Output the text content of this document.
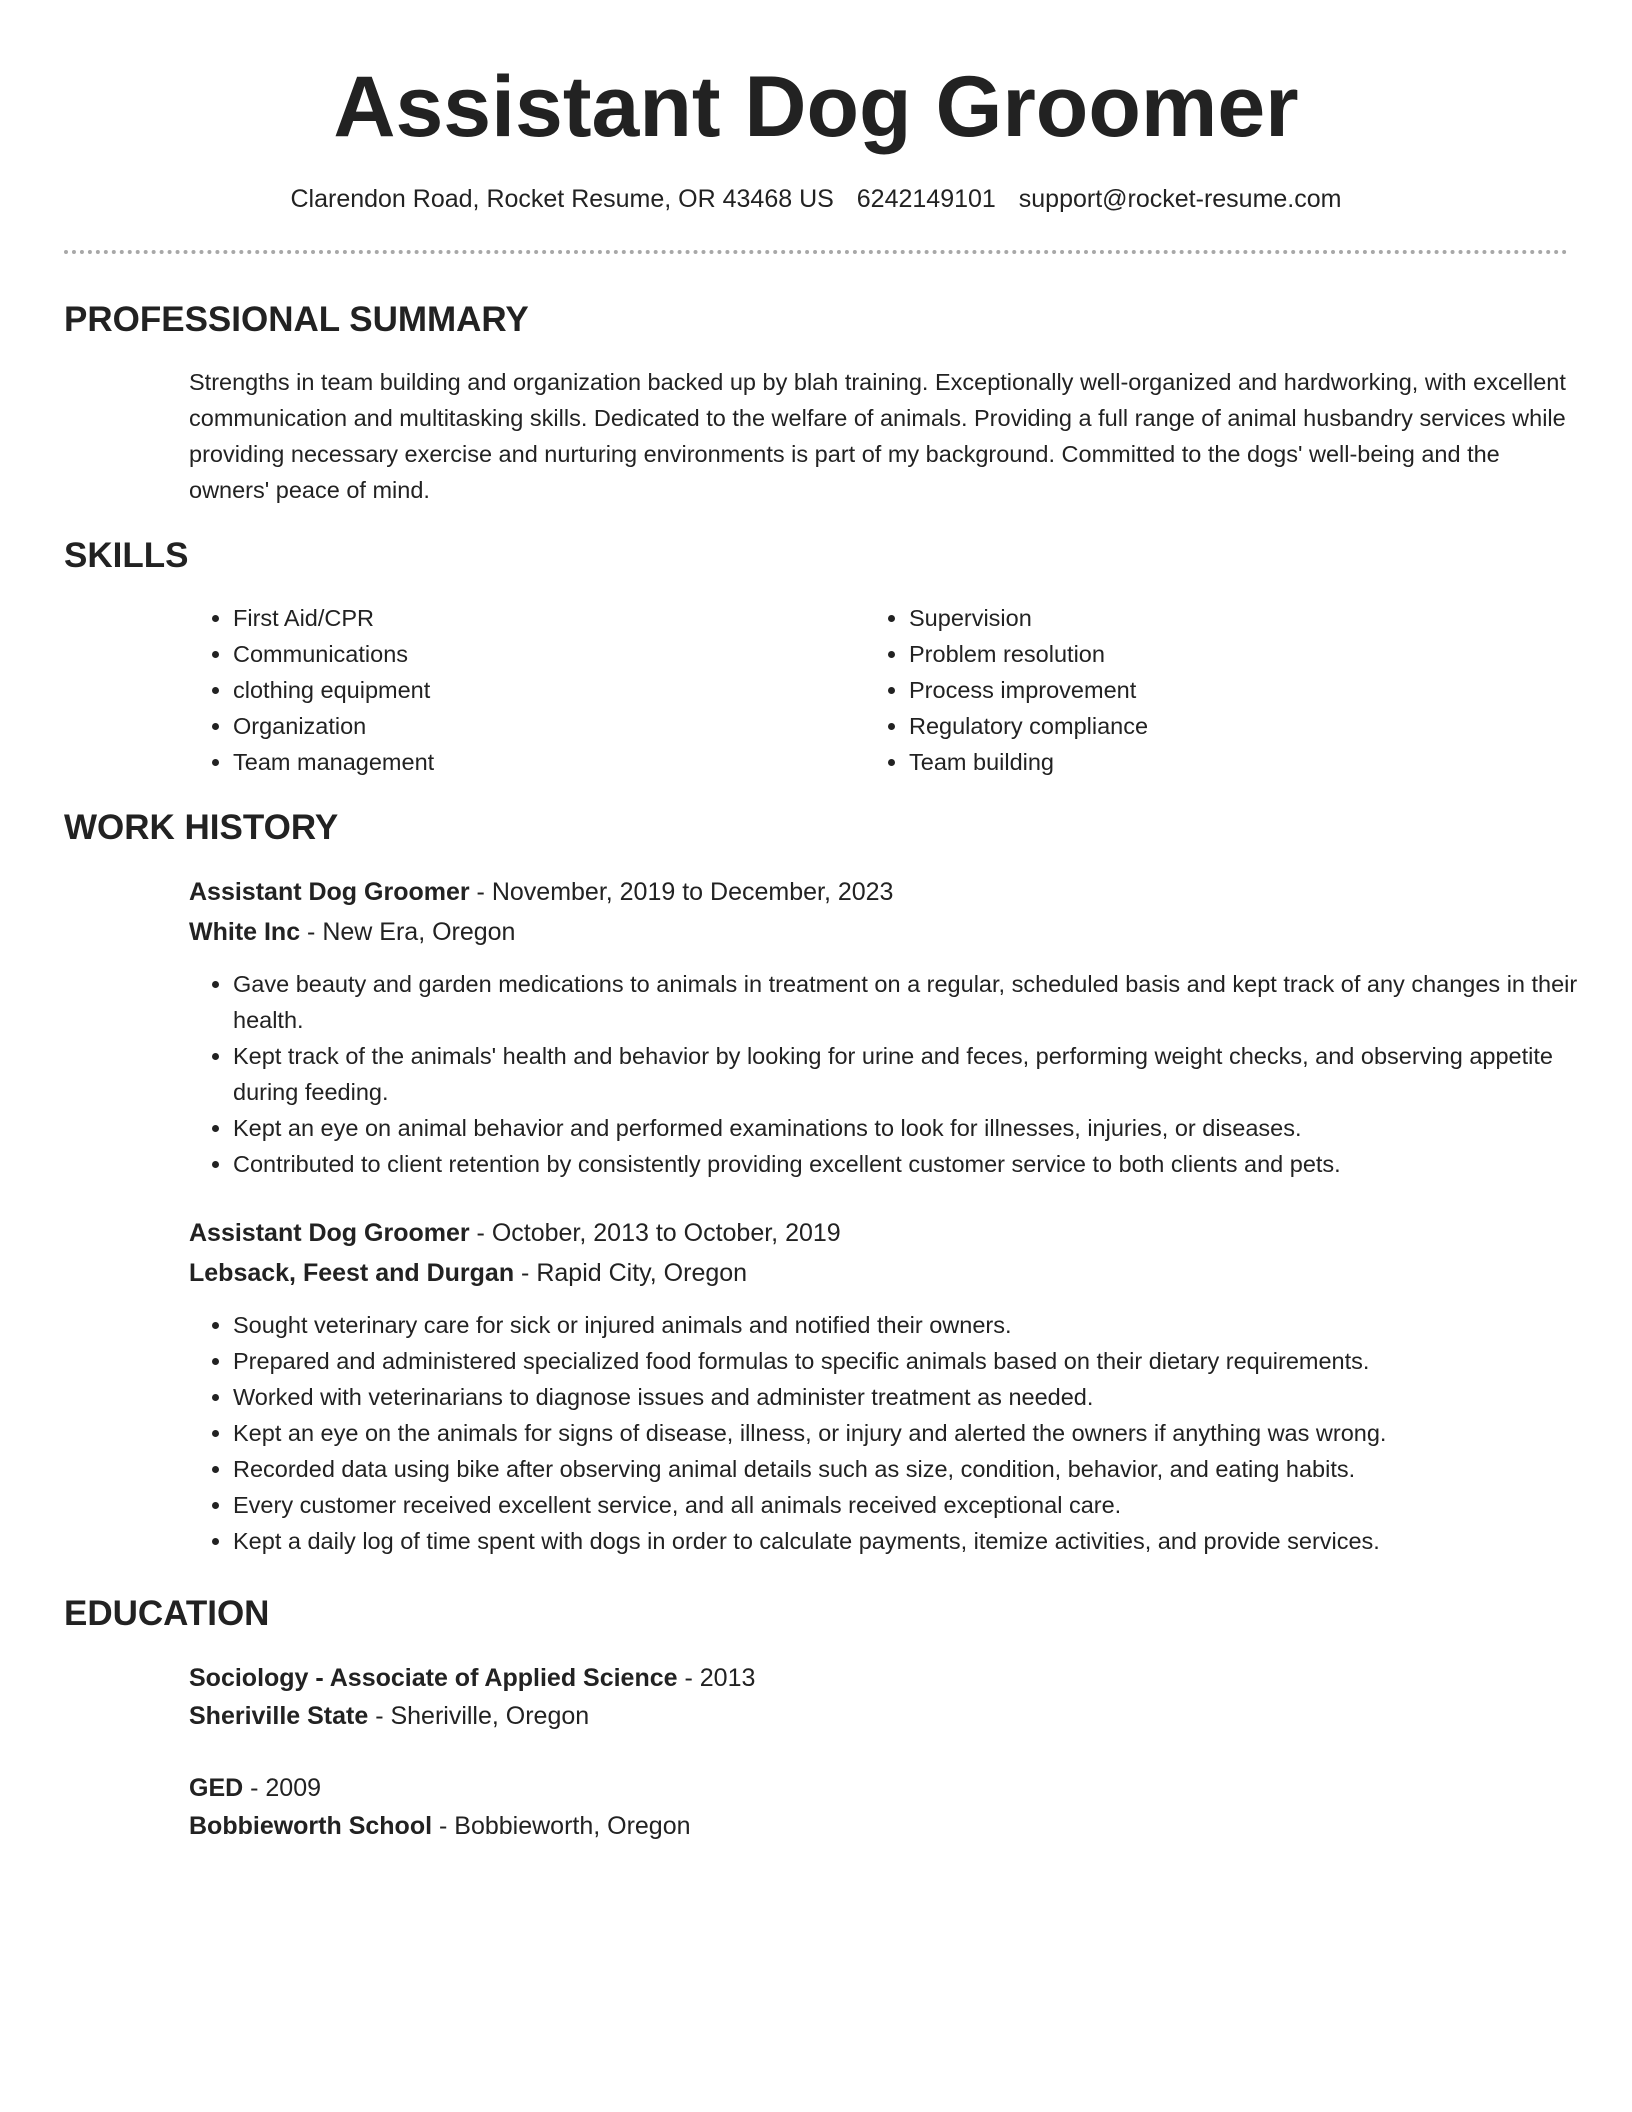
Assistant Dog Groomer
Clarendon Road, Rocket Resume, OR 43468 US 6242149101 support@rocket-resume.com
PROFESSIONAL SUMMARY
Strengths in team building and organization backed up by blah training. Exceptionally well-organized and hardworking, with excellent communication and multitasking skills. Dedicated to the welfare of animals. Providing a full range of animal husbandry services while providing necessary exercise and nurturing environments is part of my background. Committed to the dogs' well-being and the owners' peace of mind.
SKILLS
• First Aid/CPR
• Communications
• clothing equipment
• Organization
• Team management
• Supervision
• Problem resolution
• Process improvement
• Regulatory compliance
• Team building
WORK HISTORY
Assistant Dog Groomer - November, 2019 to December, 2023
White Inc - New Era, Oregon
• Gave beauty and garden medications to animals in treatment on a regular, scheduled basis and kept track of any changes in their health.
• Kept track of the animals' health and behavior by looking for urine and feces, performing weight checks, and observing appetite during feeding.
• Kept an eye on animal behavior and performed examinations to look for illnesses, injuries, or diseases.
• Contributed to client retention by consistently providing excellent customer service to both clients and pets.
Assistant Dog Groomer - October, 2013 to October, 2019
Lebsack, Feest and Durgan - Rapid City, Oregon
• Sought veterinary care for sick or injured animals and notified their owners.
• Prepared and administered specialized food formulas to specific animals based on their dietary requirements.
• Worked with veterinarians to diagnose issues and administer treatment as needed.
• Kept an eye on the animals for signs of disease, illness, or injury and alerted the owners if anything was wrong.
• Recorded data using bike after observing animal details such as size, condition, behavior, and eating habits.
• Every customer received excellent service, and all animals received exceptional care.
• Kept a daily log of time spent with dogs in order to calculate payments, itemize activities, and provide services.
EDUCATION
Sociology - Associate of Applied Science - 2013
Sheriville State - Sheriville, Oregon
GED - 2009
Bobbieworth School - Bobbieworth, Oregon
